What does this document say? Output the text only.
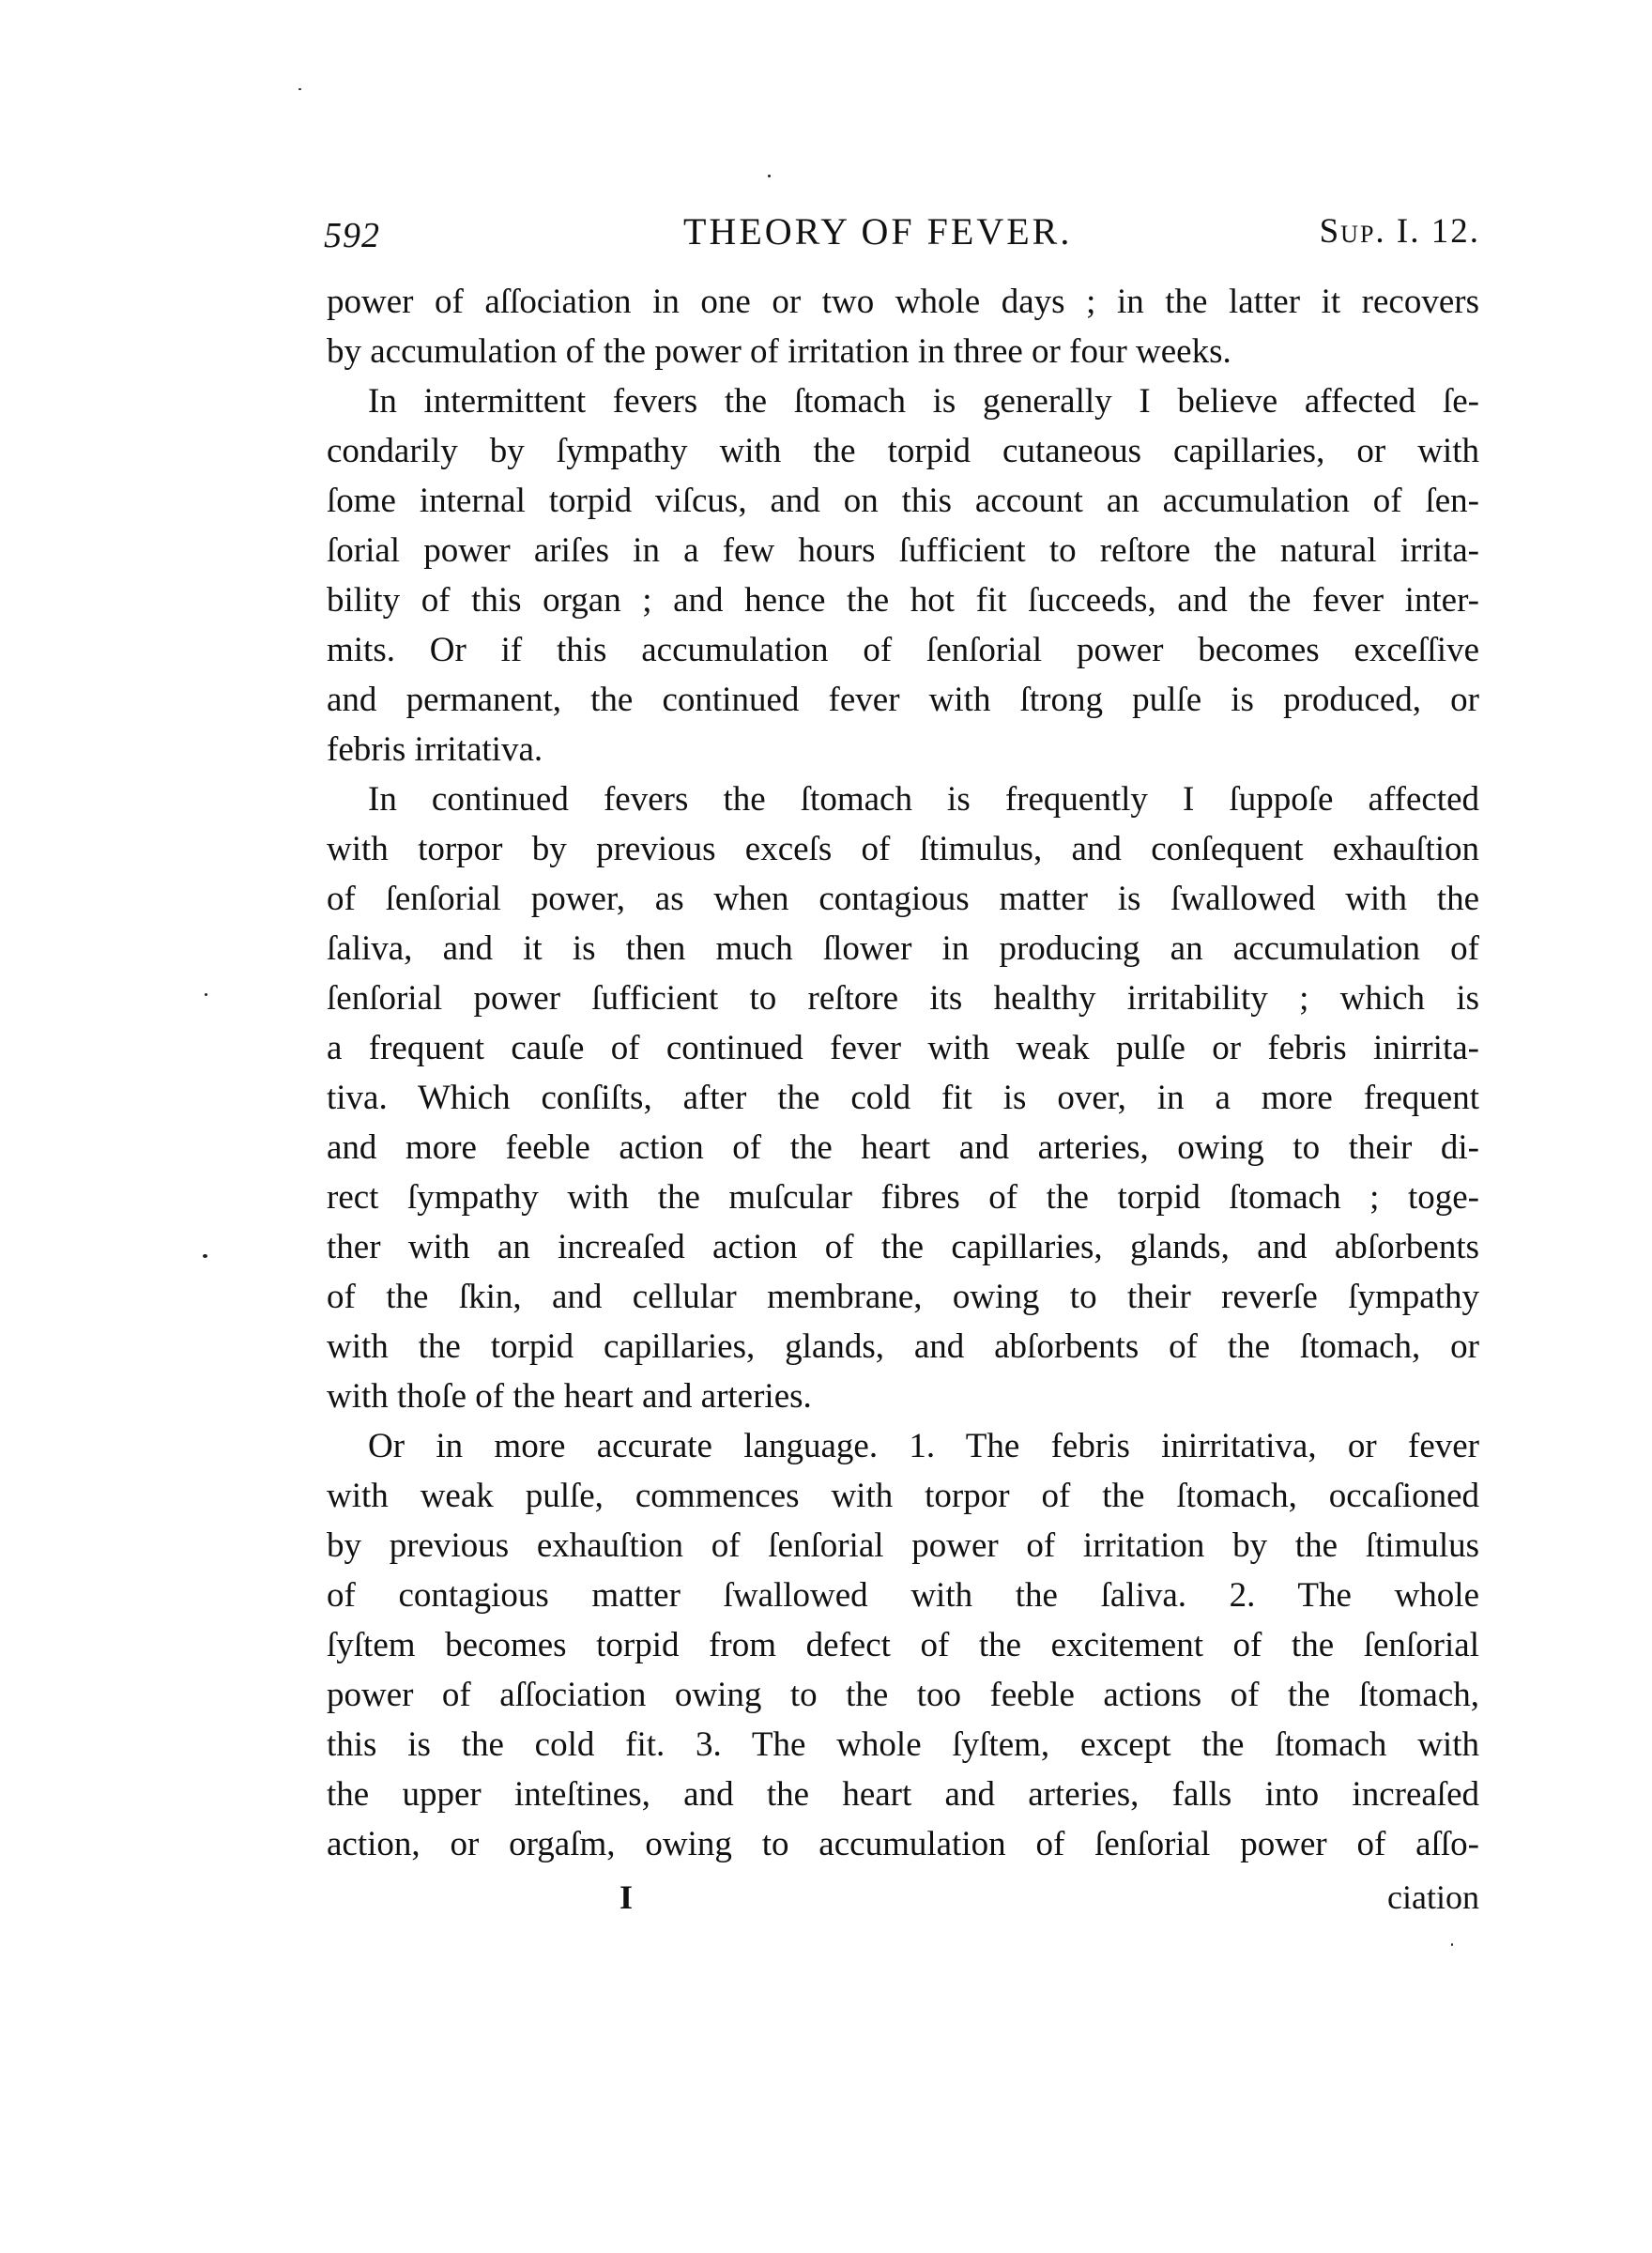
592	THEORY OF FEVER.	Sup. I. 12.
power of aſſociation in one or two whole days ; in the latter it recovers
by accumulation of the power of irritation in three or four weeks.
In intermittent fevers the ſtomach is generally I believe affected ſe-
condarily by ſympathy with the torpid cutaneous capillaries, or with
ſome internal torpid viſcus, and on this account an accumulation of ſen-
ſorial power ariſes in a few hours ſufficient to reſtore the natural irrita-
bility of this organ ; and hence the hot fit ſucceeds, and the fever inter-
mits. Or if this accumulation of ſenſorial power becomes exceſſive
and permanent, the continued fever with ſtrong pulſe is produced, or
febris irritativa.
In continued fevers the ſtomach is frequently I ſuppoſe affected
with torpor by previous exceſs of ſtimulus, and conſequent exhauſtion
of ſenſorial power, as when contagious matter is ſwallowed with the
ſaliva, and it is then much ſlower in producing an accumulation of
ſenſorial power ſufficient to reſtore its healthy irritability ; which is
a frequent cauſe of continued fever with weak pulſe or febris inirrita-
tiva. Which conſiſts, after the cold fit is over, in a more frequent
and more feeble action of the heart and arteries, owing to their di-
rect ſympathy with the muſcular fibres of the torpid ſtomach ; toge-
ther with an increaſed action of the capillaries, glands, and abſorbents
of the ſkin, and cellular membrane, owing to their reverſe ſympathy
with the torpid capillaries, glands, and abſorbents of the ſtomach, or
with thoſe of the heart and arteries.
Or in more accurate language. 1. The febris inirritativa, or fever
with weak pulſe, commences with torpor of the ſtomach, occaſioned
by previous exhauſtion of ſenſorial power of irritation by the ſtimulus
of contagious matter ſwallowed with the ſaliva. 2. The whole
ſyſtem becomes torpid from defect of the excitement of the ſenſorial
power of aſſociation owing to the too feeble actions of the ſtomach,
this is the cold fit. 3. The whole ſyſtem, except the ſtomach with
the upper inteſtines, and the heart and arteries, falls into increaſed
action, or orgaſm, owing to accumulation of ſenſorial power of aſſo-
I	ciation
